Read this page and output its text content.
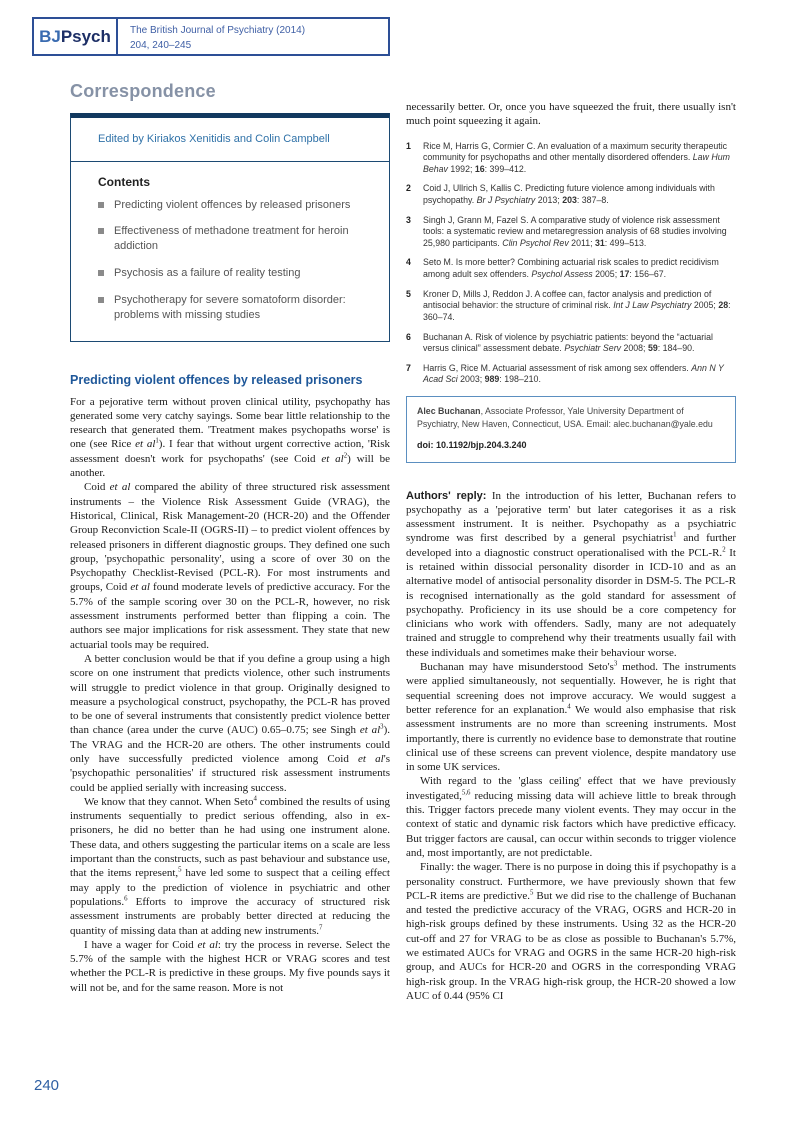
BJ Psych The British Journal of Psychiatry (2014)
204, 240–245
Correspondence
Edited by Kiriakos Xenitidis and Colin Campbell
Contents
Predicting violent offences by released prisoners
Effectiveness of methadone treatment for heroin addiction
Psychosis as a failure of reality testing
Psychotherapy for severe somatoform disorder: problems with missing studies
Predicting violent offences by released prisoners

For a pejorative term without proven clinical utility, psychopathy has generated some very catchy sayings. Some bear little relationship to the research that generated them. 'Treatment makes psychopaths worse' is one (see Rice et $al^1$). I fear that without urgent corrective action, 'Risk assessment doesn't work for psychopaths' (see Coid et $al^2$) will be another.

Coid et al compared the ability of three structured risk assessment instruments – the Violence Risk Assessment Guide (VRAG), the Historical, Clinical, Risk Management-20 (HCR-20) and the Offender Group Reconviction Scale-II (OGRS-II) – to predict violent offences by released prisoners in different diagnostic groups. They defined one such group, 'psychopathic personality', using a score of over 30 on the Psychopathy Checklist-Revised (PCL-R). For most instruments and groups, Coid et al found moderate levels of predictive accuracy. For the 5.7% of the sample scoring over 30 on the PCL-R, however, no risk assessment instruments performed better than flipping a coin. The authors see major implications for risk assessment. They state that new actuarial tools may be required.

A better conclusion would be that if you define a group using a high score on one instrument that predicts violence, other such instruments will struggle to predict violence in that group. Originally designed to measure a psychological construct, psychopathy, the PCL-R has proved to be one of several instruments that consistently predict violence better than chance (area under the curve (AUC) 0.65–0.75; see Singh et $al^3$). The VRAG and the HCR-20 are others. The other instruments could only have successfully predicted violence among Coid et al's 'psychopathic personalities' if structured risk assessment instruments could be applied serially with increasing success.

We know that they cannot. When Seto$^4$ combined the results of using instruments sequentially to predict serious offending, also in ex-prisoners, he did no better than he had using one instrument alone. These data, and others suggesting the particular items on a scale are less important than the constructs, such as past behaviour and substance use, that the items represent,$^5$ have led some to suspect that a ceiling effect may apply to the prediction of violence in psychiatric and other populations.$^6$ Efforts to improve the accuracy of structured risk assessment instruments are probably better directed at reducing the quantity of missing data than at adding new instruments.$^7$

I have a wager for Coid et al: try the process in reverse. Select the 5.7% of the sample with the highest HCR or VRAG scores and test whether the PCL-R is predictive in these groups. My five pounds says it will not be, and for the same reason. More is not

necessarily better. Or, once you have squeezed the fruit, there usually isn't much point squeezing it again.

1	Rice M, Harris G, Cormier C. An evaluation of a maximum security therapeutic community for psychopaths and other mentally disordered offenders. Law Hum Behav 1992; 16: 399–412.
2	Coid J, Ullrich S, Kallis C. Predicting future violence among individuals with psychopathy. Br J Psychiatry 2013; 203: 387–8.
3	Singh J, Grann M, Fazel S. A comparative study of violence risk assessment tools: a systematic review and metaregression analysis of 68 studies involving 25,980 participants. Clin Psychol Rev 2011; 31: 499–513.
4	Seto M. Is more better? Combining actuarial risk scales to predict recidivism among adult sex offenders. Psychol Assess 2005; 17: 156–67.
5	Kroner D, Mills J, Reddon J. A coffee can, factor analysis and prediction of antisocial behavior: the structure of criminal risk. Int J Law Psychiatry 2005; 28: 360–74.
6	Buchanan A. Risk of violence by psychiatric patients: beyond the “actuarial versus clinical” assessment debate. Psychiatr Serv 2008; 59: 184–90.
7	Harris G, Rice M. Actuarial assessment of risk among sex offenders. Ann N Y Acad Sci 2003; 989: 198–210.
Alec Buchanan, Associate Professor, Yale University Department of Psychiatry, New Haven, Connecticut, USA. Email: alec.buchanan@yale.edu
doi: 10.1192/bjp.204.3.240

Authors' reply: In the introduction of his letter, Buchanan refers to psychopathy as a 'pejorative term' but later categorises it as a risk assessment instrument. It is neither. Psychopathy as a psychiatric syndrome was first described by a general psychiatrist$^1$ and further developed into a diagnostic construct operationalised with the PCL-R.$^2$ It is retained within dissocial personality disorder in ICD-10 and as an alternative model of antisocial personality disorder in DSM-5. The PCL-R is recognised internationally as the gold standard for assessment of psychopathy. Proficiency in its use should be a core competency for clinicians who work with offenders. Sadly, many are not adequately trained and struggle to comprehend why their treatments usually fail with these individuals and sometimes make their behaviour worse.

Buchanan may have misunderstood $Seto's^3$ method. The instruments were applied simultaneously, not sequentially. However, he is right that sequential screening does not improve accuracy. We would suggest a better reference for an explanation.$^4$ We would also emphasise that risk assessment instruments are no more than screening instruments. Most importantly, there is currently no evidence base to demonstrate that routine clinical use of these screens can prevent violence, despite mandatory use in some UK services.

With regard to the 'glass ceiling' effect that we have previously investigated,$^{5,6}$ reducing missing data will achieve little to break through this. Trigger factors precede many violent events. They may occur in the context of static and dynamic risk factors which have predictive efficacy. But trigger factors are causal, can occur within seconds to trigger violence and, most importantly, are not predictable.

Finally: the wager. There is no purpose in doing this if psychopathy is a personality construct. Furthermore, we have previously shown that few PCL-R items are predictive.$^5$ But we did rise to the challenge of Buchanan and tested the predictive accuracy of the VRAG, OGRS and HCR-20 in high-risk groups defined by these instruments. Using 32 as the HCR-20 cut-off and 27 for VRAG to be as close as possible to Buchanan's 5.7%, we estimated AUCs for VRAG and OGRS in the same HCR-20 high-risk group, and AUCs for HCR-20 and OGRS in the corresponding VRAG high-risk group. In the VRAG high-risk group, the HCR-20 showed a low AUC of 0.44 (95% CI

240
